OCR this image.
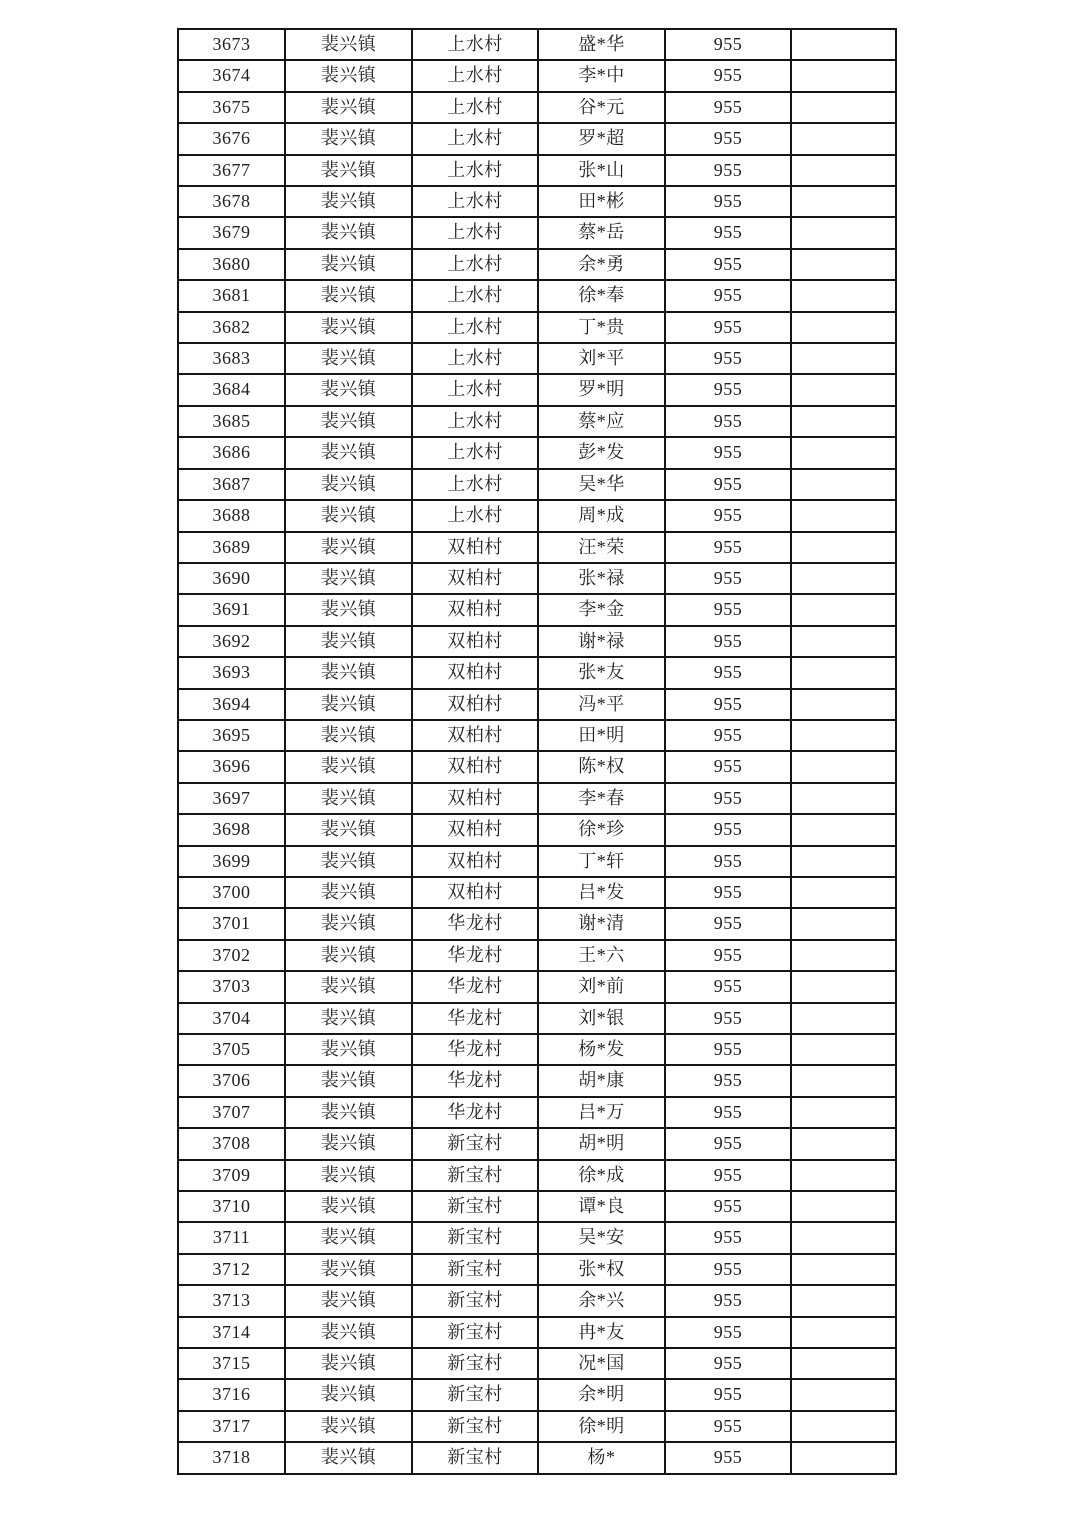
3673	裴兴镇	上水村	盛*华	955	
3674	裴兴镇	上水村	李*中	955	
3675	裴兴镇	上水村	谷*元	955	
3676	裴兴镇	上水村	罗*超	955	
3677	裴兴镇	上水村	张*山	955	
3678	裴兴镇	上水村	田*彬	955	
3679	裴兴镇	上水村	蔡*岳	955	
3680	裴兴镇	上水村	余*勇	955	
3681	裴兴镇	上水村	徐*奉	955	
3682	裴兴镇	上水村	丁*贵	955	
3683	裴兴镇	上水村	刘*平	955	
3684	裴兴镇	上水村	罗*明	955	
3685	裴兴镇	上水村	蔡*应	955	
3686	裴兴镇	上水村	彭*发	955	
3687	裴兴镇	上水村	吴*华	955	
3688	裴兴镇	上水村	周*成	955	
3689	裴兴镇	双柏村	汪*荣	955	
3690	裴兴镇	双柏村	张*禄	955	
3691	裴兴镇	双柏村	李*金	955	
3692	裴兴镇	双柏村	谢*禄	955	
3693	裴兴镇	双柏村	张*友	955	
3694	裴兴镇	双柏村	冯*平	955	
3695	裴兴镇	双柏村	田*明	955	
3696	裴兴镇	双柏村	陈*权	955	
3697	裴兴镇	双柏村	李*春	955	
3698	裴兴镇	双柏村	徐*珍	955	
3699	裴兴镇	双柏村	丁*轩	955	
3700	裴兴镇	双柏村	吕*发	955	
3701	裴兴镇	华龙村	谢*清	955	
3702	裴兴镇	华龙村	王*六	955	
3703	裴兴镇	华龙村	刘*前	955	
3704	裴兴镇	华龙村	刘*银	955	
3705	裴兴镇	华龙村	杨*发	955	
3706	裴兴镇	华龙村	胡*康	955	
3707	裴兴镇	华龙村	吕*万	955	
3708	裴兴镇	新宝村	胡*明	955	
3709	裴兴镇	新宝村	徐*成	955	
3710	裴兴镇	新宝村	谭*良	955	
3711	裴兴镇	新宝村	吴*安	955	
3712	裴兴镇	新宝村	张*权	955	
3713	裴兴镇	新宝村	余*兴	955	
3714	裴兴镇	新宝村	冉*友	955	
3715	裴兴镇	新宝村	况*国	955	
3716	裴兴镇	新宝村	余*明	955	
3717	裴兴镇	新宝村	徐*明	955	
3718	裴兴镇	新宝村	杨*	955	
